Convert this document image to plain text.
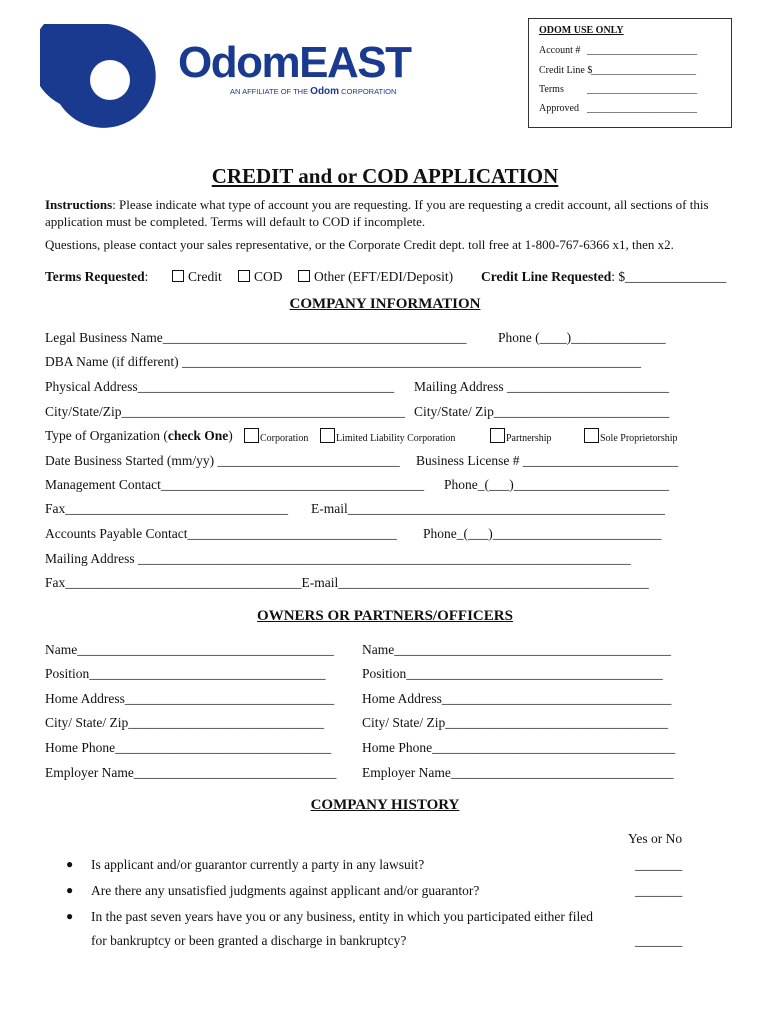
OdomEAST
AN AFFILIATE OF THE Odom CORPORATION
ODOM USE ONLY
Account # ______________________
Credit Line $
_____________________
Terms ______________________
Approved ______________________
CREDIT and or COD APPLICATION
Instructions: Please indicate what type of account you are requesting. If you are requesting a credit account, all sections of this application must be completed. Terms will default to COD if incomplete.
Questions, please contact your sales representative, or the Corporate Credit dept. toll free at 1-800-767-6366 x1, then x2.
Terms Requested:	Credit	COD	Other (EFT/EDI/Deposit) Credit Line Requested: $_______________
COMPANY INFORMATION
Legal Business Name_____________________________________________ Phone (____)______________
DBA Name (if different) ____________________________________________________________________
Physical Address______________________________________ Mailing Address ________________________
City/State/Zip__________________________________________ City/State/ Zip__________________________
Type of Organization (check One)	Corporation	Limited Liability Corporation	Partnership	Sole Proprietorship
Date Business Started (mm/yy) ___________________________ Business License # _______________________
Management Contact_______________________________________ Phone_(___)_______________________
Fax_________________________________ E-mail_______________________________________________
Accounts Payable Contact_______________________________ Phone_(___)_________________________
Mailing Address _________________________________________________________________________
Fax___________________________________E-mail______________________________________________
OWNERS OR PARTNERS/OFFICERS
Name______________________________________
Position___________________________________
Home Address_______________________________
City/ State/ Zip_____________________________
Home Phone________________________________
Employer Name______________________________
Name_________________________________________
Position______________________________________
Home Address__________________________________
City/ State/ Zip_________________________________
Home Phone____________________________________
Employer Name_________________________________
COMPANY HISTORY
Yes or No
● Is applicant and/or guarantor currently a party in any lawsuit?	_______
● Are there any unsatisfied judgments against applicant and/or guarantor?	_______
● In the past seven years have you or any business, entity in which you participated either filed
for bankruptcy or been granted a discharge in bankruptcy?	_______
